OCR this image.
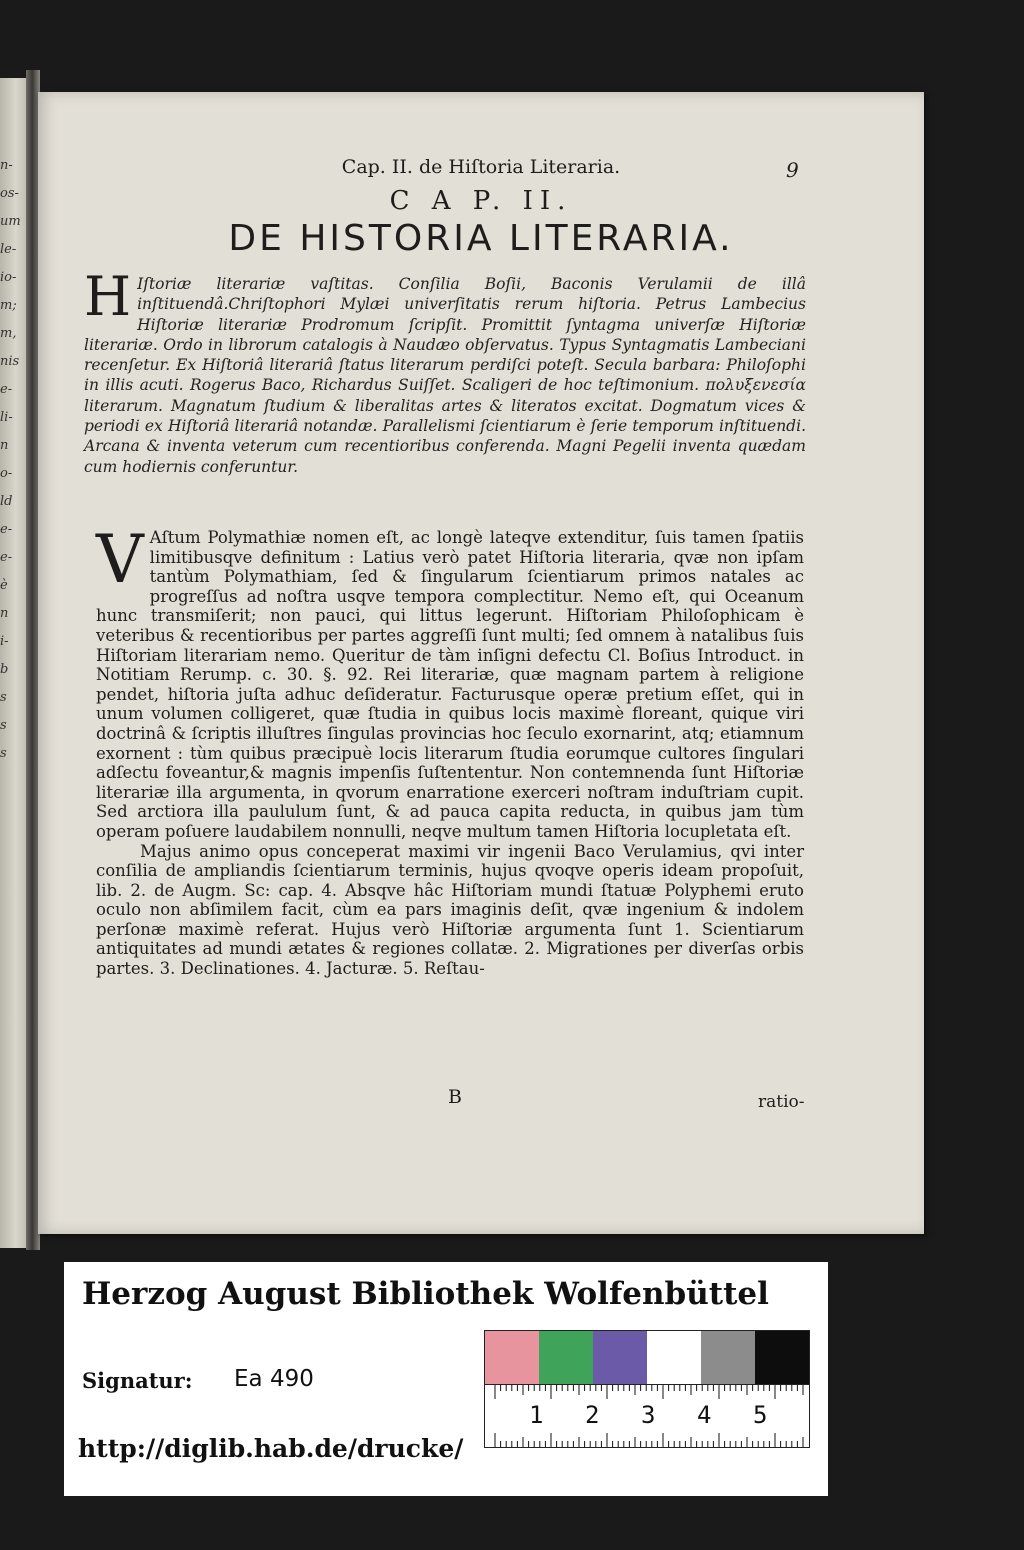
n-
os-
um
le-
io-
m;
m,
nis
e-
li-
n
o-
ld
e-
e-
è
n
i-
b
s
s
s
Cap. II. de Hiſtoria Literaria.	9
C A P. II.
DE HISTORIA LITERARIA.
H Iſtoriæ literariæ vaſtitas. Conſilia Boſii, Baconis Verulamii de illâ inſtituendâ.Chriſtophori Mylæi univerſitatis rerum hiſtoria. Petrus Lambecius Hiſtoriæ literariæ Prodromum ſcripſit. Promittit ſyntagma univerſæ Hiſtoriæ literariæ. Ordo in librorum catalogis à Naudæo obſervatus. Typus Syntagmatis Lambeciani recenſetur. Ex Hiſtoriâ literariâ ſtatus literarum perdiſci poteſt. Secula barbara: Philoſophi in illis acuti. Rogerus Baco, Richardus Suiſſet. Scaligeri de hoc teſtimonium. πολυξενεσία literarum. Magnatum ſtudium & liberalitas artes & literatos excitat. Dogmatum vices & periodi ex Hiſtoriâ literariâ notandæ. Parallelismi ſcientiarum è ſerie temporum inſtituendi. Arcana & inventa veterum cum recentioribus conferenda. Magni Pegelii inventa quædam cum hodiernis conferuntur.

V Aſtum Polymathiæ nomen eſt, ac longè lateqve extenditur, ſuis tamen ſpatiis limitibusqve definitum : Latius verò patet Hiſtoria literaria, qvæ non ipſam tantùm Polymathiam, ſed & ſingularum ſcientiarum primos natales ac progreſſus ad noſtra usqve tempora complectitur. Nemo eſt, qui Oceanum hunc transmiſerit; non pauci, qui littus legerunt. Hiſtoriam Philoſophicam è veteribus & recentioribus per partes aggreſſi ſunt multi; ſed omnem à natalibus ſuis Hiſtoriam literariam nemo. Queritur de tàm inſigni defectu Cl. Boſius Introduct. in Notitiam Rerump. c. 30. §. 92. Rei literariæ, quæ magnam partem à religione pendet, hiſtoria juſta adhuc deſideratur. Facturusque operæ pretium eſſet, qui in unum volumen colligeret, quæ ſtudia in quibus locis maximè floreant, quique viri doctrinâ & ſcriptis illuſtres ſingulas provincias hoc ſeculo exornarint, atq; etiamnum exornent : tùm quibus præcipuè locis literarum ſtudia eorumque cultores ſingulari adſectu foveantur,& magnis impenſis ſuſtententur. Non contemnenda ſunt Hiſtoriæ literariæ illa argumenta, in qvorum enarratione exerceri noſtram induſtriam cupit. Sed arctiora illa paululum ſunt, & ad pauca capita reducta, in quibus jam tùm operam poſuere laudabilem nonnulli, neqve multum tamen Hiſtoria locupletata eſt.

Majus animo opus conceperat maximi vir ingenii Baco Verulamius, qvi inter conſilia de ampliandis ſcientiarum terminis, hujus qvoqve operis ideam propoſuit, lib. 2. de Augm. Sc: cap. 4. Absqve hâc Hiſtoriam mundi ſtatuæ Polyphemi eruto oculo non abſimilem facit, cùm ea pars imaginis deſit, qvæ ingenium & indolem perſonæ maximè referat. Hujus verò Hiſtoriæ argumenta ſunt 1. Scientiarum antiquitates ad mundi ætates & regiones collatæ. 2. Migrationes per diverſas orbis partes. 3. Declinationes. 4. Jacturæ. 5. Reſtau-

B	ratio-
Herzog August Bibliothek Wolfenbüttel
Signatur: Ea 490
http://diglib.hab.de/drucke/
1 2 3 4 5
